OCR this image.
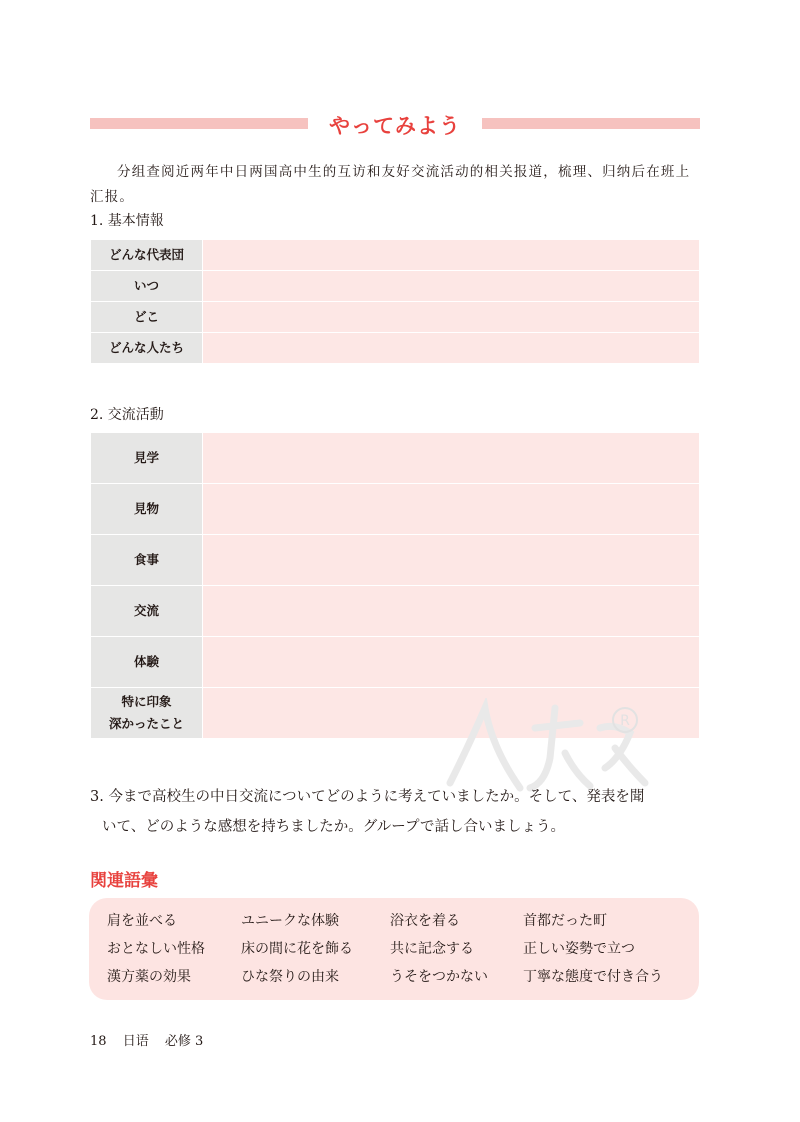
やってみよう
分组查阅近两年中日两国高中生的互访和友好交流活动的相关报道，梳理、归纳后在班上汇报。
1. 基本情報
どんな代表団	
いつ	
どこ	
どんな人たち	
2. 交流活動
見学	
見物	
食事	
交流	
体験	

特に印象
深かったこと	
		R
3. 今まで高校生の中日交流についてどのように考えていましたか。そして、発表を聞
いて、どのような感想を持ちましたか。グループで話し合いましょう。
関連語彙
肩を並べる	ユニークな体験	浴衣を着る	首都だった町
おとなしい性格	床の間に花を飾る	共に記念する	正しい姿勢で立つ
漢方薬の効果	ひな祭りの由来	うそをつかない	丁寧な態度で付き合う
18 日语 必修 3
